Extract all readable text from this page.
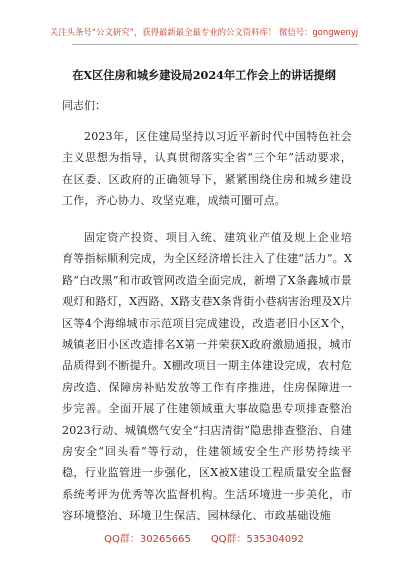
关注头条号“公文研究”，获得最新最全最专业的公文资料库！ 微信号：gongwenyj
在X区住房和城乡建设局2024年工作会上的讲话提纲
同志们：

2023年，区住建局坚持以习近平新时代中国特色社会主义思想为指导，认真贯彻落实全省“三个年”活动要求，在区委、区政府的正确领导下，紧紧围绕住房和城乡建设工作，齐心协力、攻坚克难，成绩可圈可点。

固定资产投资、项目入统、建筑业产值及规上企业培育等指标顺利完成，为全区经济增长注入了住建“活力”。X路“白改黑”和市政管网改造全面完成，新增了X条鑫城市景观灯和路灯，X西路、X路支巷X条背街小巷病害治理及X片区等4个海绵城市示范项目完成建设，改造老旧小区X个，城镇老旧小区改造排名X第一并荣获X政府激励通报，城市品质得到不断提升。X棚改项目一期主体建设完成，农村危房改造、保障房补贴发放等工作有序推进，住房保障进一步完善。全面开展了住建领域重大事故隐患专项排查整治2023行动、城镇燃气安全“扫店清街”隐患排查整治、自建房安全“回头看”等行动，住建领域安全生产形势持续平稳，行业监管进一步强化，区X被X建设工程质量安全监督系统考评为优秀等次监督机构。生活环境进一步美化，市容环境整治、环境卫生保洁、园林绿化、市政基础设施

QQ群：30265665 QQ群：535304092
